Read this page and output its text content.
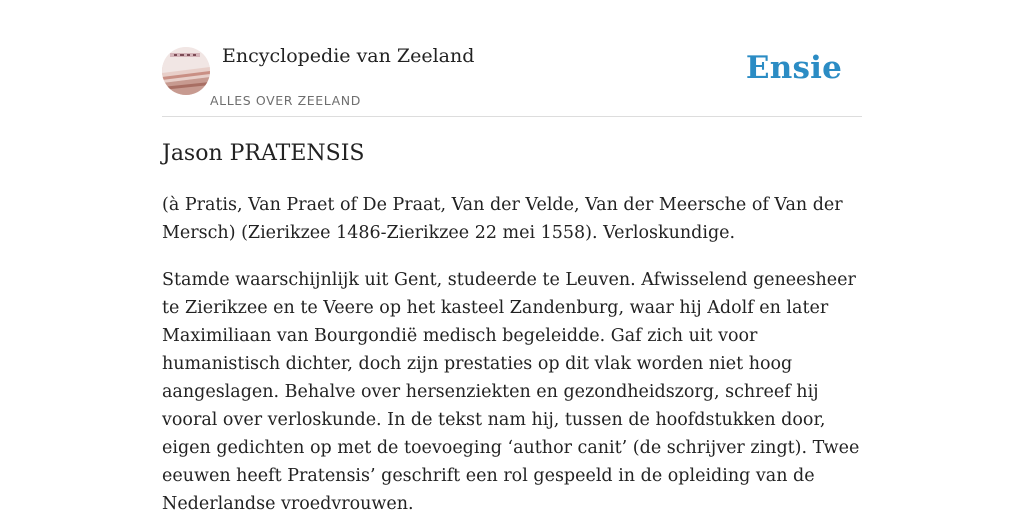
Encyclopedie van Zeeland
ALLES OVER ZEELAND
Ensie
Jason PRATENSIS

(à Pratis, Van Praet of De Praat, Van der Velde, Van der Meersche of Van der Mersch) (Zierikzee 1486-Zierikzee 22 mei 1558). Verloskundige.

Stamde waarschijnlijk uit Gent, studeerde te Leuven. Afwisselend geneesheer te Zierikzee en te Veere op het kasteel Zandenburg, waar hij Adolf en later Maximiliaan van Bourgondië medisch begeleidde. Gaf zich uit voor humanistisch dichter, doch zijn prestaties op dit vlak worden niet hoog aangeslagen. Behalve over hersenziekten en gezondheidszorg, schreef hij vooral over verloskunde. In de tekst nam hij, tussen de hoofdstukken door, eigen gedichten op met de toevoeging ‘author canit’ (de schrijver zingt). Twee eeuwen heeft Pratensis’ geschrift een rol gespeeld in de opleiding van de Nederlandse vroedvrouwen.
